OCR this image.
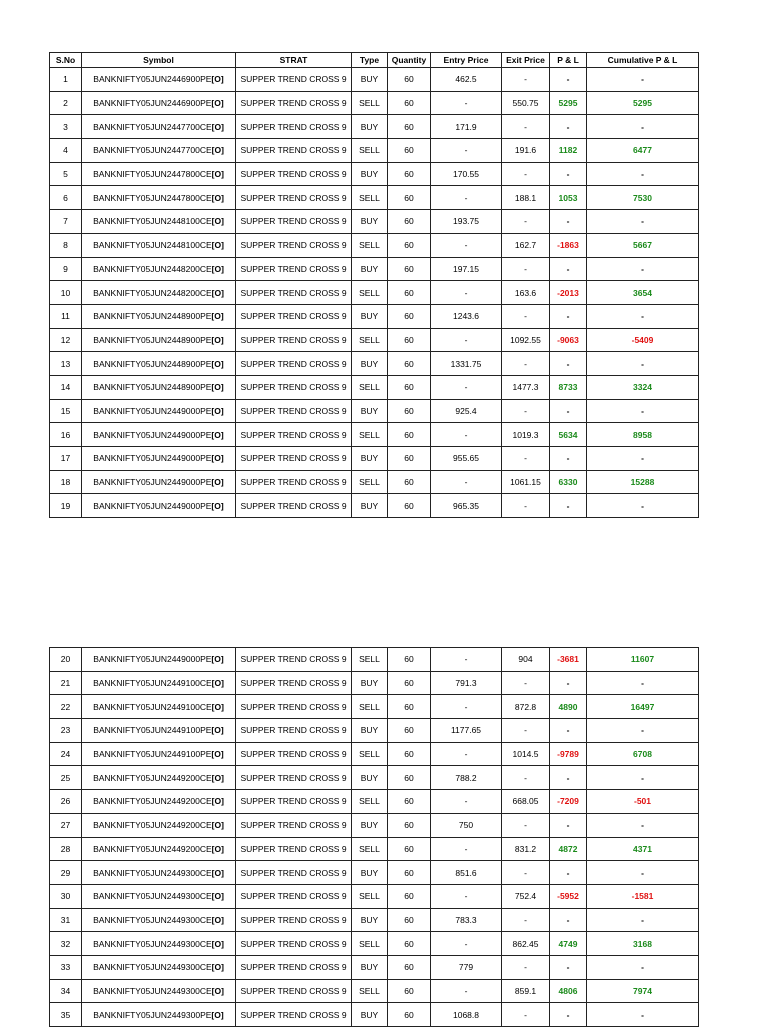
S.No	Symbol	STRAT	Type	Quantity	Entry Price	Exit Price	P & L	Cumulative P & L
1	BANKNIFTY05JUN2446900PE[O]	SUPPER TREND CROSS 9	BUY	60	462.5	-	-	-
2	BANKNIFTY05JUN2446900PE[O]	SUPPER TREND CROSS 9	SELL	60	-	550.75	5295	5295
3	BANKNIFTY05JUN2447700CE[O]	SUPPER TREND CROSS 9	BUY	60	171.9	-	-	-
4	BANKNIFTY05JUN2447700CE[O]	SUPPER TREND CROSS 9	SELL	60	-	191.6	1182	6477
5	BANKNIFTY05JUN2447800CE[O]	SUPPER TREND CROSS 9	BUY	60	170.55	-	-	-
6	BANKNIFTY05JUN2447800CE[O]	SUPPER TREND CROSS 9	SELL	60	-	188.1	1053	7530
7	BANKNIFTY05JUN2448100CE[O]	SUPPER TREND CROSS 9	BUY	60	193.75	-	-	-
8	BANKNIFTY05JUN2448100CE[O]	SUPPER TREND CROSS 9	SELL	60	-	162.7	-1863	5667
9	BANKNIFTY05JUN2448200CE[O]	SUPPER TREND CROSS 9	BUY	60	197.15	-	-	-
10	BANKNIFTY05JUN2448200CE[O]	SUPPER TREND CROSS 9	SELL	60	-	163.6	-2013	3654
11	BANKNIFTY05JUN2448900PE[O]	SUPPER TREND CROSS 9	BUY	60	1243.6	-	-	-
12	BANKNIFTY05JUN2448900PE[O]	SUPPER TREND CROSS 9	SELL	60	-	1092.55	-9063	-5409
13	BANKNIFTY05JUN2448900PE[O]	SUPPER TREND CROSS 9	BUY	60	1331.75	-	-	-
14	BANKNIFTY05JUN2448900PE[O]	SUPPER TREND CROSS 9	SELL	60	-	1477.3	8733	3324
15	BANKNIFTY05JUN2449000PE[O]	SUPPER TREND CROSS 9	BUY	60	925.4	-	-	-
16	BANKNIFTY05JUN2449000PE[O]	SUPPER TREND CROSS 9	SELL	60	-	1019.3	5634	8958
17	BANKNIFTY05JUN2449000PE[O]	SUPPER TREND CROSS 9	BUY	60	955.65	-	-	-
18	BANKNIFTY05JUN2449000PE[O]	SUPPER TREND CROSS 9	SELL	60	-	1061.15	6330	15288
19	BANKNIFTY05JUN2449000PE[O]	SUPPER TREND CROSS 9	BUY	60	965.35	-	-	-
20	BANKNIFTY05JUN2449000PE[O]	SUPPER TREND CROSS 9	SELL	60	-	904	-3681	11607
21	BANKNIFTY05JUN2449100CE[O]	SUPPER TREND CROSS 9	BUY	60	791.3	-	-	-
22	BANKNIFTY05JUN2449100CE[O]	SUPPER TREND CROSS 9	SELL	60	-	872.8	4890	16497
23	BANKNIFTY05JUN2449100PE[O]	SUPPER TREND CROSS 9	BUY	60	1177.65	-	-	-
24	BANKNIFTY05JUN2449100PE[O]	SUPPER TREND CROSS 9	SELL	60	-	1014.5	-9789	6708
25	BANKNIFTY05JUN2449200CE[O]	SUPPER TREND CROSS 9	BUY	60	788.2	-	-	-
26	BANKNIFTY05JUN2449200CE[O]	SUPPER TREND CROSS 9	SELL	60	-	668.05	-7209	-501
27	BANKNIFTY05JUN2449200CE[O]	SUPPER TREND CROSS 9	BUY	60	750	-	-	-
28	BANKNIFTY05JUN2449200CE[O]	SUPPER TREND CROSS 9	SELL	60	-	831.2	4872	4371
29	BANKNIFTY05JUN2449300CE[O]	SUPPER TREND CROSS 9	BUY	60	851.6	-	-	-
30	BANKNIFTY05JUN2449300CE[O]	SUPPER TREND CROSS 9	SELL	60	-	752.4	-5952	-1581
31	BANKNIFTY05JUN2449300CE[O]	SUPPER TREND CROSS 9	BUY	60	783.3	-	-	-
32	BANKNIFTY05JUN2449300CE[O]	SUPPER TREND CROSS 9	SELL	60	-	862.45	4749	3168
33	BANKNIFTY05JUN2449300CE[O]	SUPPER TREND CROSS 9	BUY	60	779	-	-	-
34	BANKNIFTY05JUN2449300CE[O]	SUPPER TREND CROSS 9	SELL	60	-	859.1	4806	7974
35	BANKNIFTY05JUN2449300PE[O]	SUPPER TREND CROSS 9	BUY	60	1068.8	-	-	-
